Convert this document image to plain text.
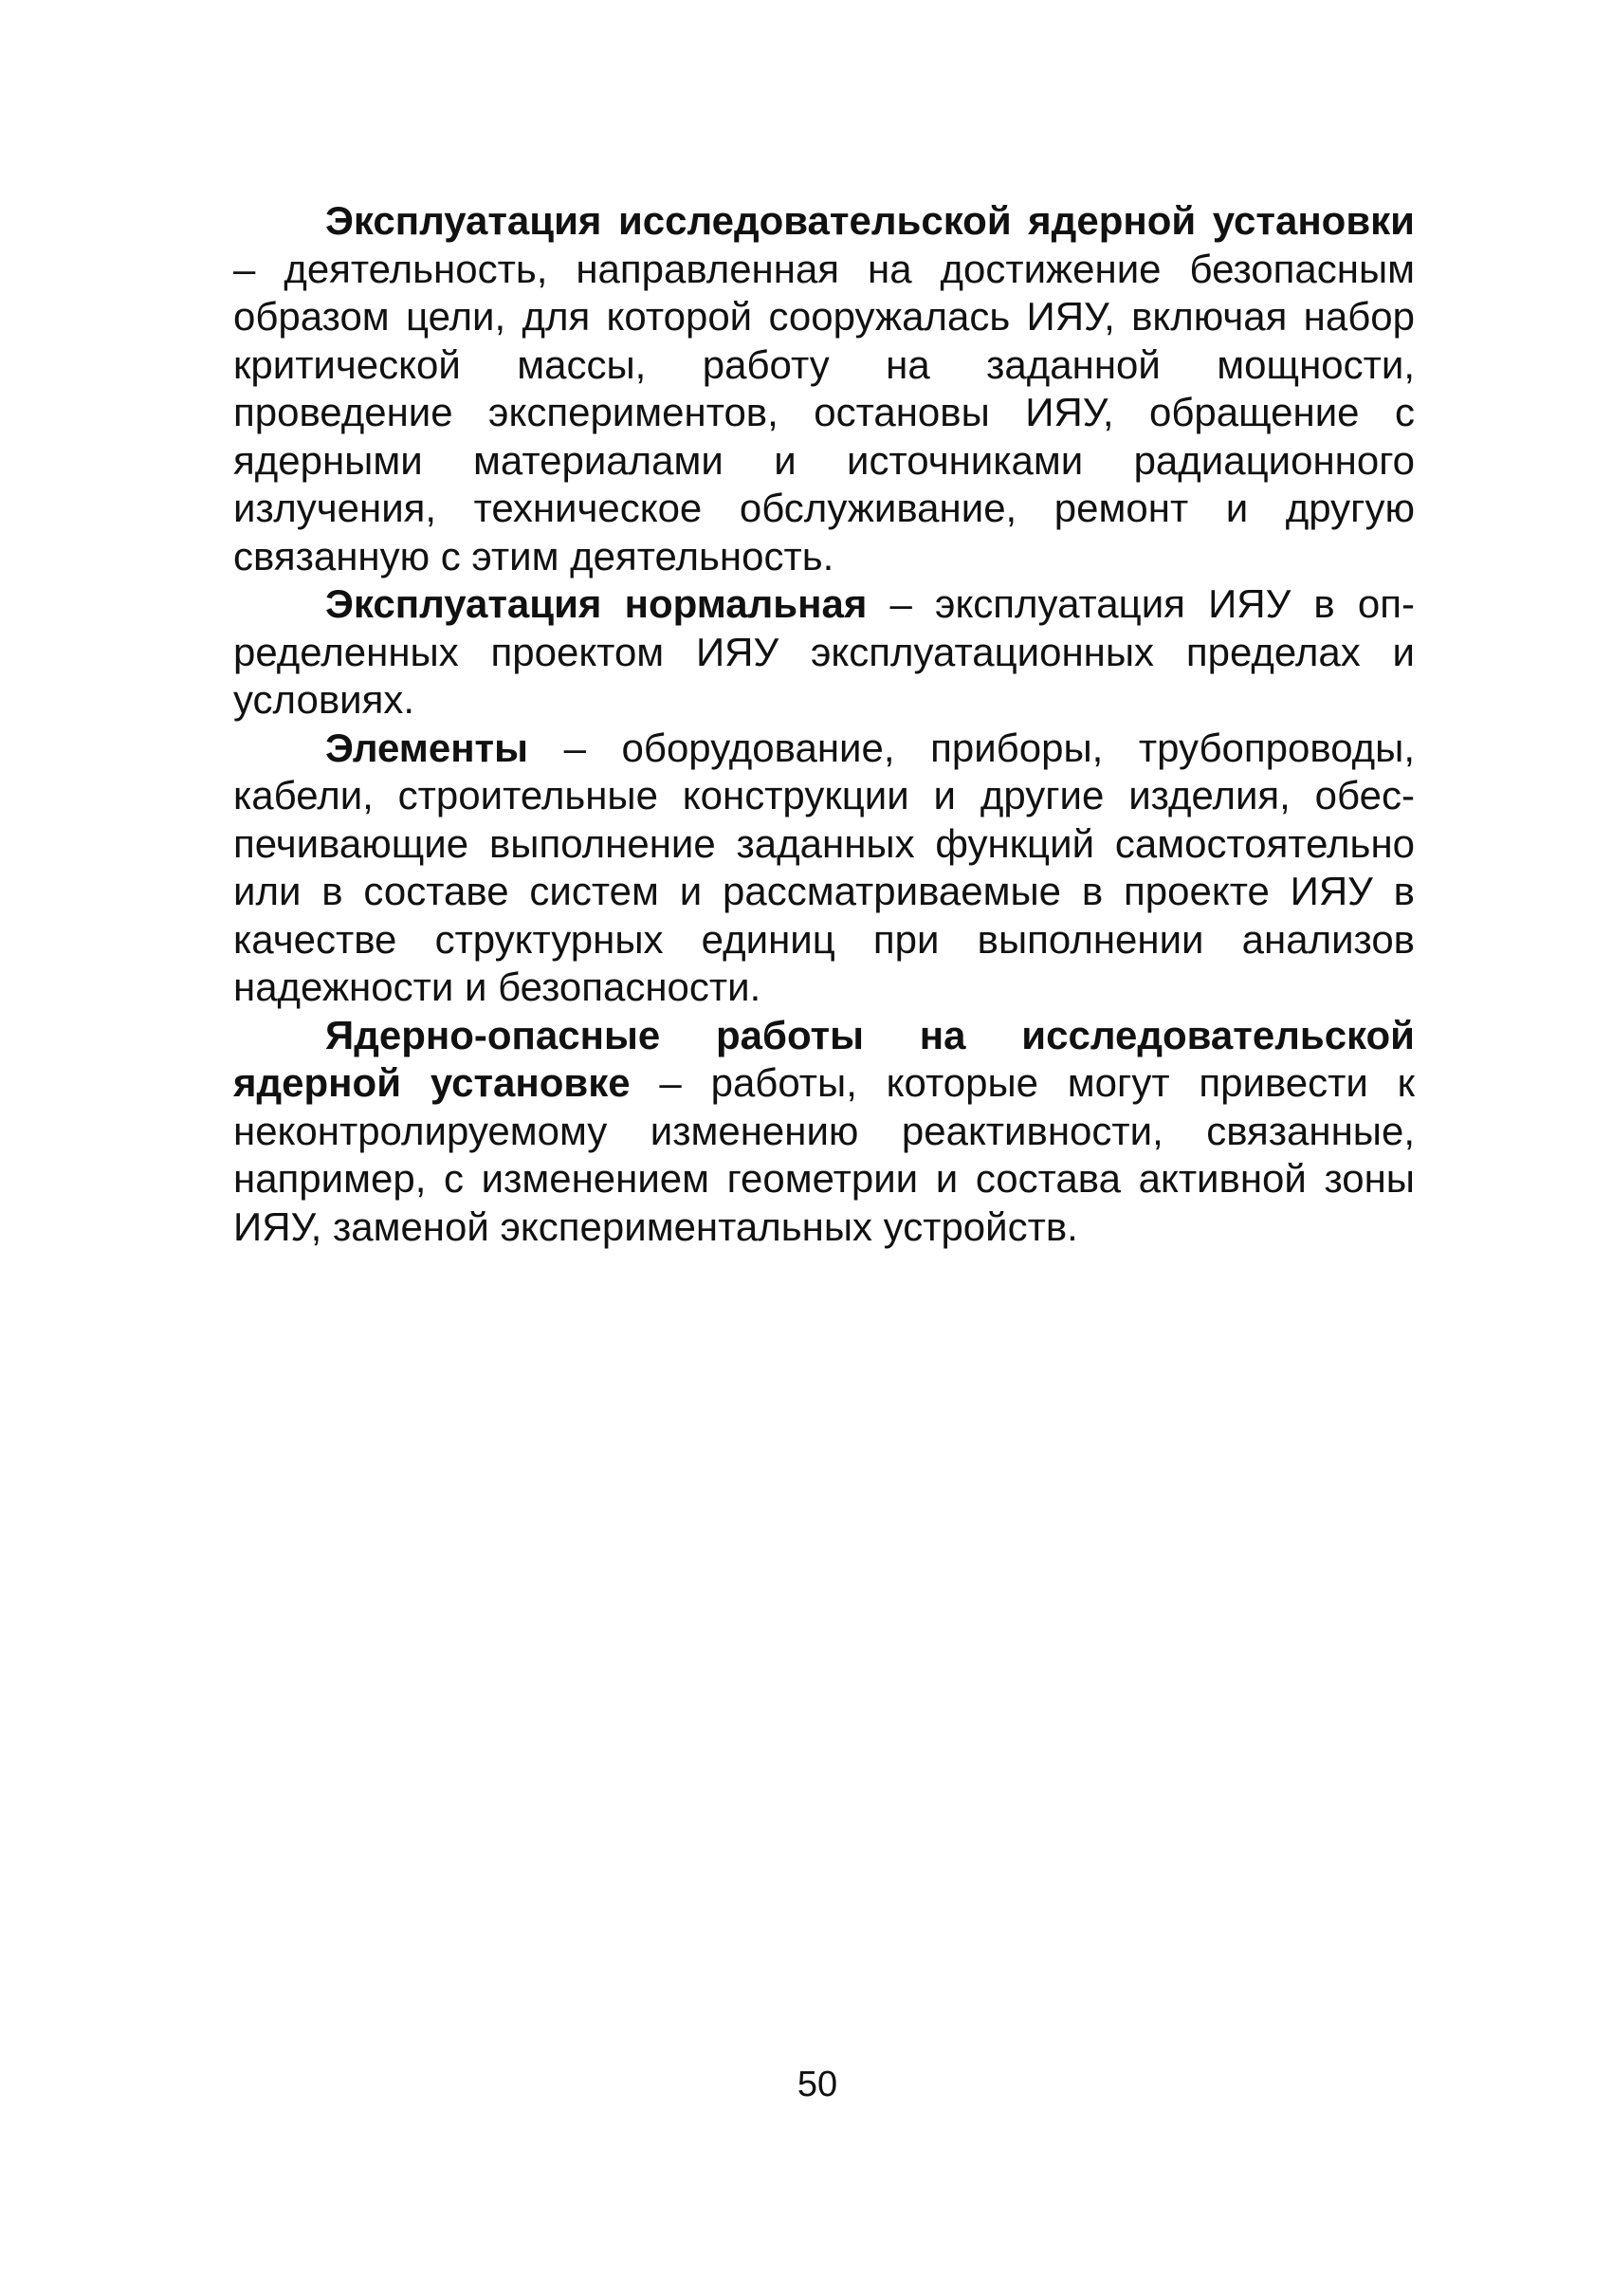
Эксплуатация исследовательской ядерной установки – деятельность, направленная на достижение безопасным образом цели, для которой сооружалась ИЯУ, включая набор критической массы, работу на заданной мощности, проведение экспериментов, остановы ИЯУ, обращение с ядерными материалами и источниками радиационного излучения, техническое обслуживание, ремонт и другую связанную с этим деятельность.

Эксплуатация нормальная – эксплуатация ИЯУ в определенных проектом ИЯУ эксплуатационных пределах и условиях.

Элементы – оборудование, приборы, трубопроводы, кабели, строительные конструкции и другие изделия, обеспечивающие выполнение заданных функций самостоятельно или в составе систем и рассматриваемые в проекте ИЯУ в качестве структурных единиц при выполнении анализов надежности и безопасности.

Ядерно-опасные работы на исследовательской ядерной установке – работы, которые могут привести к неконтролируемому изменению реактивности, связанные, например, с изменением геометрии и состава активной зоны ИЯУ, заменой экспериментальных устройств.

50
